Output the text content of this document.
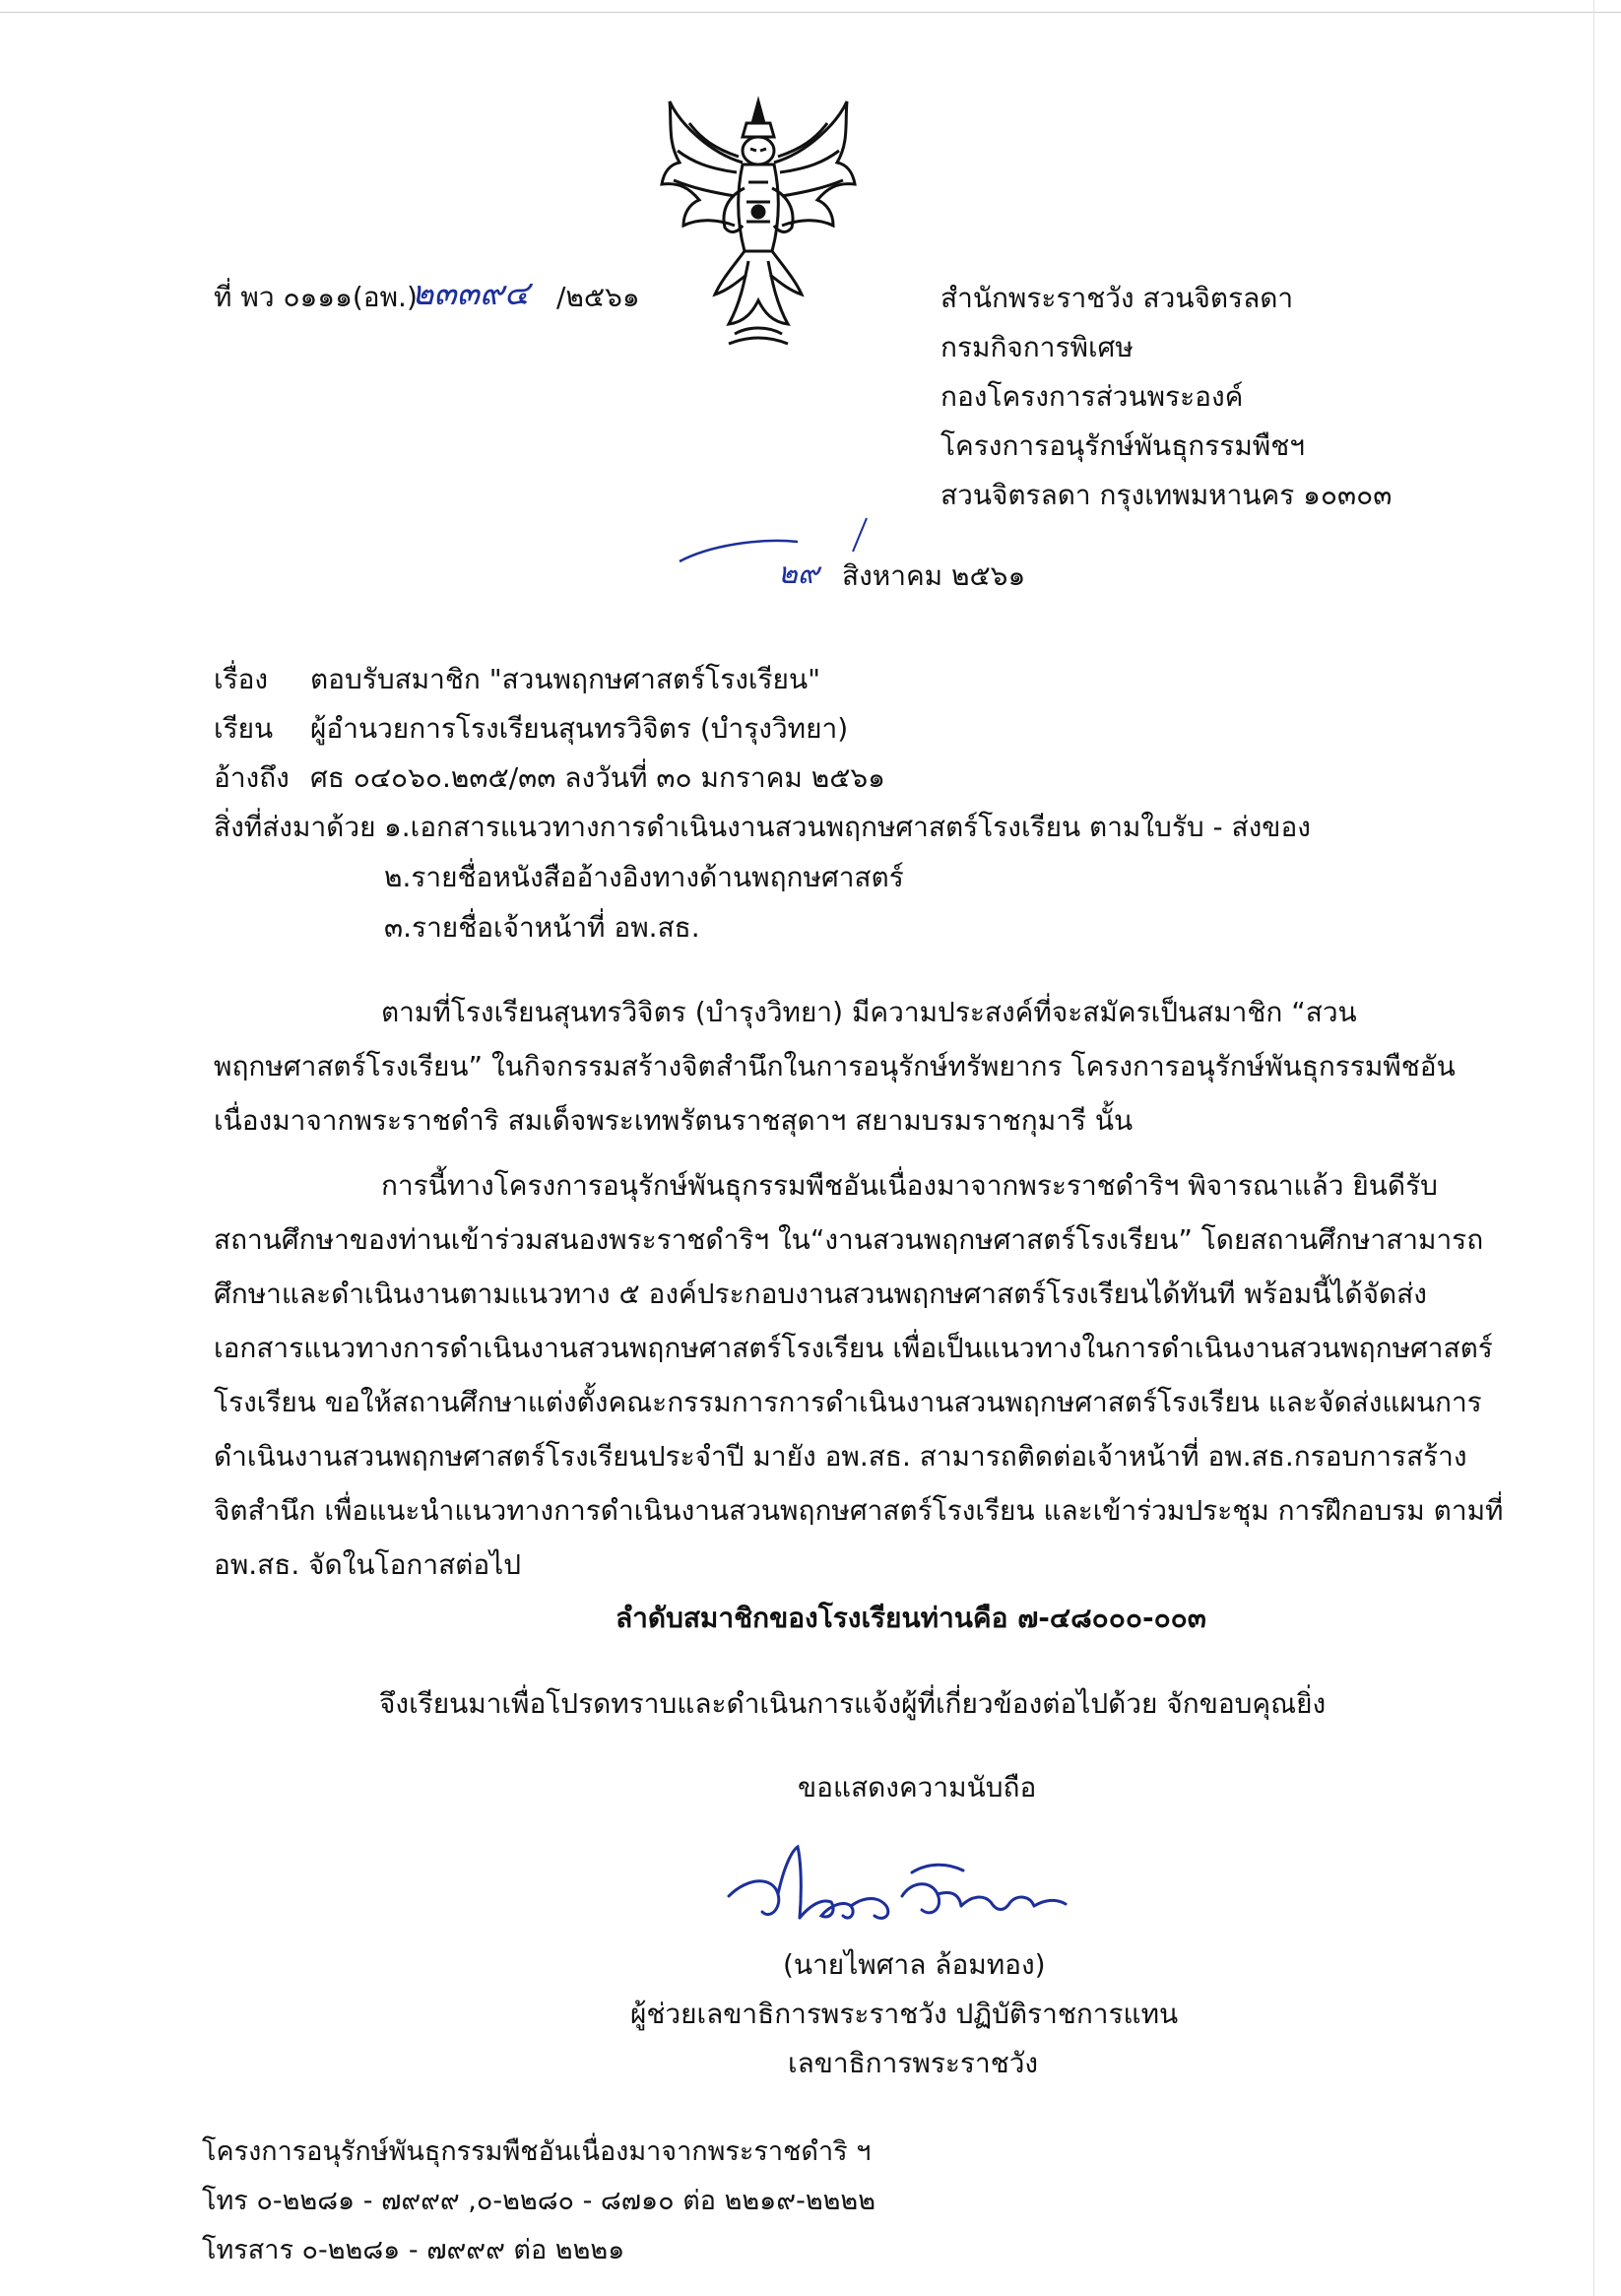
ที่ พว ๐๑๑๑(อพ.)
๒๓๓๙๔ /๒๕๖๑	สำนักพระราชวัง สวนจิตรลดา
กรมกิจการพิเศษ
กองโครงการส่วนพระองค์
โครงการอนุรักษ์พันธุกรรมพืชฯ
สวนจิตรลดา กรุงเทพมหานคร ๑๐๓๐๓
๒๙ สิงหาคม ๒๕๖๑
เรื่อง ตอบรับสมาชิก "สวนพฤกษศาสตร์โรงเรียน"
เรียน ผู้อำนวยการโรงเรียนสุนทรวิจิตร (บำรุงวิทยา)
อ้างถึง ศธ ๐๔๐๖๐.๒๓๕/๓๓ ลงวันที่ ๓๐ มกราคม ๒๕๖๑
สิ่งที่ส่งมาด้วย ๑.เอกสารแนวทางการดำเนินงานสวนพฤกษศาสตร์โรงเรียน ตามใบรับ - ส่งของ
๒.รายชื่อหนังสืออ้างอิงทางด้านพฤกษศาสตร์
๓.รายชื่อเจ้าหน้าที่ อพ.สธ.
ตามที่โรงเรียนสุนทรวิจิตร (บำรุงวิทยา) มีความประสงค์ที่จะสมัครเป็นสมาชิก “สวน
พฤกษศาสตร์โรงเรียน” ในกิจกรรมสร้างจิตสำนึกในการอนุรักษ์ทรัพยากร โครงการอนุรักษ์พันธุกรรมพืชอัน
เนื่องมาจากพระราชดำริ สมเด็จพระเทพรัตนราชสุดาฯ สยามบรมราชกุมารี นั้น
การนี้ทางโครงการอนุรักษ์พันธุกรรมพืชอันเนื่องมาจากพระราชดำริฯ พิจารณาแล้ว ยินดีรับ
สถานศึกษาของท่านเข้าร่วมสนองพระราชดำริฯ ใน“งานสวนพฤกษศาสตร์โรงเรียน” โดยสถานศึกษาสามารถ
ศึกษาและดำเนินงานตามแนวทาง ๕ องค์ประกอบงานสวนพฤกษศาสตร์โรงเรียนได้ทันที พร้อมนี้ได้จัดส่ง
เอกสารแนวทางการดำเนินงานสวนพฤกษศาสตร์โรงเรียน เพื่อเป็นแนวทางในการดำเนินงานสวนพฤกษศาสตร์
โรงเรียน ขอให้สถานศึกษาแต่งตั้งคณะกรรมการการดำเนินงานสวนพฤกษศาสตร์โรงเรียน และจัดส่งแผนการ
ดำเนินงานสวนพฤกษศาสตร์โรงเรียนประจำปี มายัง อพ.สธ. สามารถติดต่อเจ้าหน้าที่ อพ.สธ.กรอบการสร้าง
จิตสำนึก เพื่อแนะนำแนวทางการดำเนินงานสวนพฤกษศาสตร์โรงเรียน และเข้าร่วมประชุม การฝึกอบรม ตามที่
อพ.สธ. จัดในโอกาสต่อไป
ลำดับสมาชิกของโรงเรียนท่านคือ ๗-๔๘๐๐๐-๐๐๓
จึงเรียนมาเพื่อโปรดทราบและดำเนินการแจ้งผู้ที่เกี่ยวข้องต่อไปด้วย จักขอบคุณยิ่ง
ขอแสดงความนับถือ
(นายไพศาล ล้อมทอง)
ผู้ช่วยเลขาธิการพระราชวัง ปฏิบัติราชการแทน
เลขาธิการพระราชวัง
โครงการอนุรักษ์พันธุกรรมพืชอันเนื่องมาจากพระราชดำริ ฯ
โทร ๐-๒๒๘๑ - ๗๙๙๙ ,๐-๒๒๘๐ - ๘๗๑๐ ต่อ ๒๒๑๙-๒๒๒๒
โทรสาร ๐-๒๒๘๑ - ๗๙๙๙ ต่อ ๒๒๒๑
